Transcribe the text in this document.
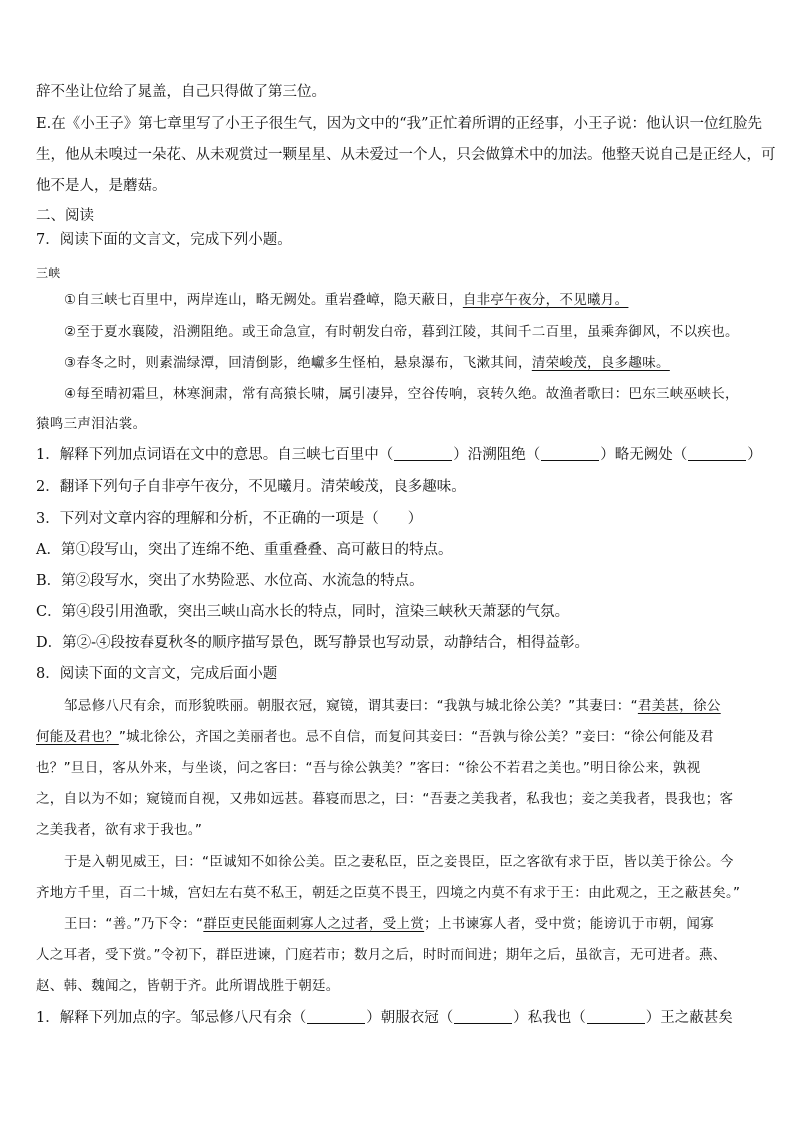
辞不坐让位给了晁盖，自己只得做了第三位。
E.在《小王子》第七章里写了小王子很生气，因为文中的“我”正忙着所谓的正经事，小王子说：他认识一位红脸先
生，他从未嗅过一朵花、从未观赏过一颗星星、从未爱过一个人，只会做算术中的加法。他整天说自己是正经人，可
他不是人，是蘑菇。
二、阅读
7．阅读下面的文言文，完成下列小题。
三峡
①自三峡七百里中，两岸连山，略无阙处。重岩叠嶂，隐天蔽日，自非亭午夜分，不见曦月。
②至于夏水襄陵，沿溯阻绝。或王命急宣，有时朝发白帝，暮到江陵，其间千二百里，虽乘奔御风，不以疾也。
③春冬之时，则素湍绿潭，回清倒影，绝巘多生怪柏，悬泉瀑布，飞漱其间，清荣峻茂，良多趣味。
④每至晴初霜旦，林寒涧肃，常有高猿长啸，属引凄异，空谷传响，哀转久绝。故渔者歌曰：巴东三峡巫峡长，
猿鸣三声泪沾裳。
1．解释下列加点词语在文中的意思。自三峡七百里中（	）沿溯阻绝（	）略无阙处（	）
2．翻译下列句子自非亭午夜分，不见曦月。清荣峻茂，良多趣味。
3．下列对文章内容的理解和分析，不正确的一项是（　　）
A．第①段写山，突出了连绵不绝、重重叠叠、高可蔽日的特点。
B．第②段写水，突出了水势险恶、水位高、水流急的特点。
C．第④段引用渔歌，突出三峡山高水长的特点，同时，渲染三峡秋天萧瑟的气氛。
D．第②-④段按春夏秋冬的顺序描写景色，既写静景也写动景，动静结合，相得益彰。
8．阅读下面的文言文，完成后面小题
邹忌修八尺有余，而形貌昳丽。朝服衣冠，窥镜，谓其妻曰：“我孰与城北徐公美？”其妻曰：“君美甚，徐公
何能及君也？”城北徐公，齐国之美丽者也。忌不自信，而复问其妾曰：“吾孰与徐公美？”妾曰：“徐公何能及君
也？”旦日，客从外来，与坐谈，问之客曰：“吾与徐公孰美？”客曰：“徐公不若君之美也。”明日徐公来，孰视
之，自以为不如；窥镜而自视，又弗如远甚。暮寝而思之，曰：“吾妻之美我者，私我也；妾之美我者，畏我也；客
之美我者，欲有求于我也。”
于是入朝见威王，曰：“臣诚知不如徐公美。臣之妻私臣，臣之妾畏臣，臣之客欲有求于臣，皆以美于徐公。今
齐地方千里，百二十城，宫妇左右莫不私王，朝廷之臣莫不畏王，四境之内莫不有求于王：由此观之，王之蔽甚矣。”
王曰：“善。”乃下令：“群臣吏民能面刺寡人之过者，受上赏；上书谏寡人者，受中赏；能谤讥于市朝，闻寡
人之耳者，受下赏。”令初下，群臣进谏，门庭若市；数月之后，时时而间进；期年之后，虽欲言，无可进者。燕、
赵、韩、魏闻之，皆朝于齐。此所谓战胜于朝廷。
1．解释下列加点的字。邹忌修八尺有余（	）朝服衣冠（	）私我也（	）王之蔽甚矣
